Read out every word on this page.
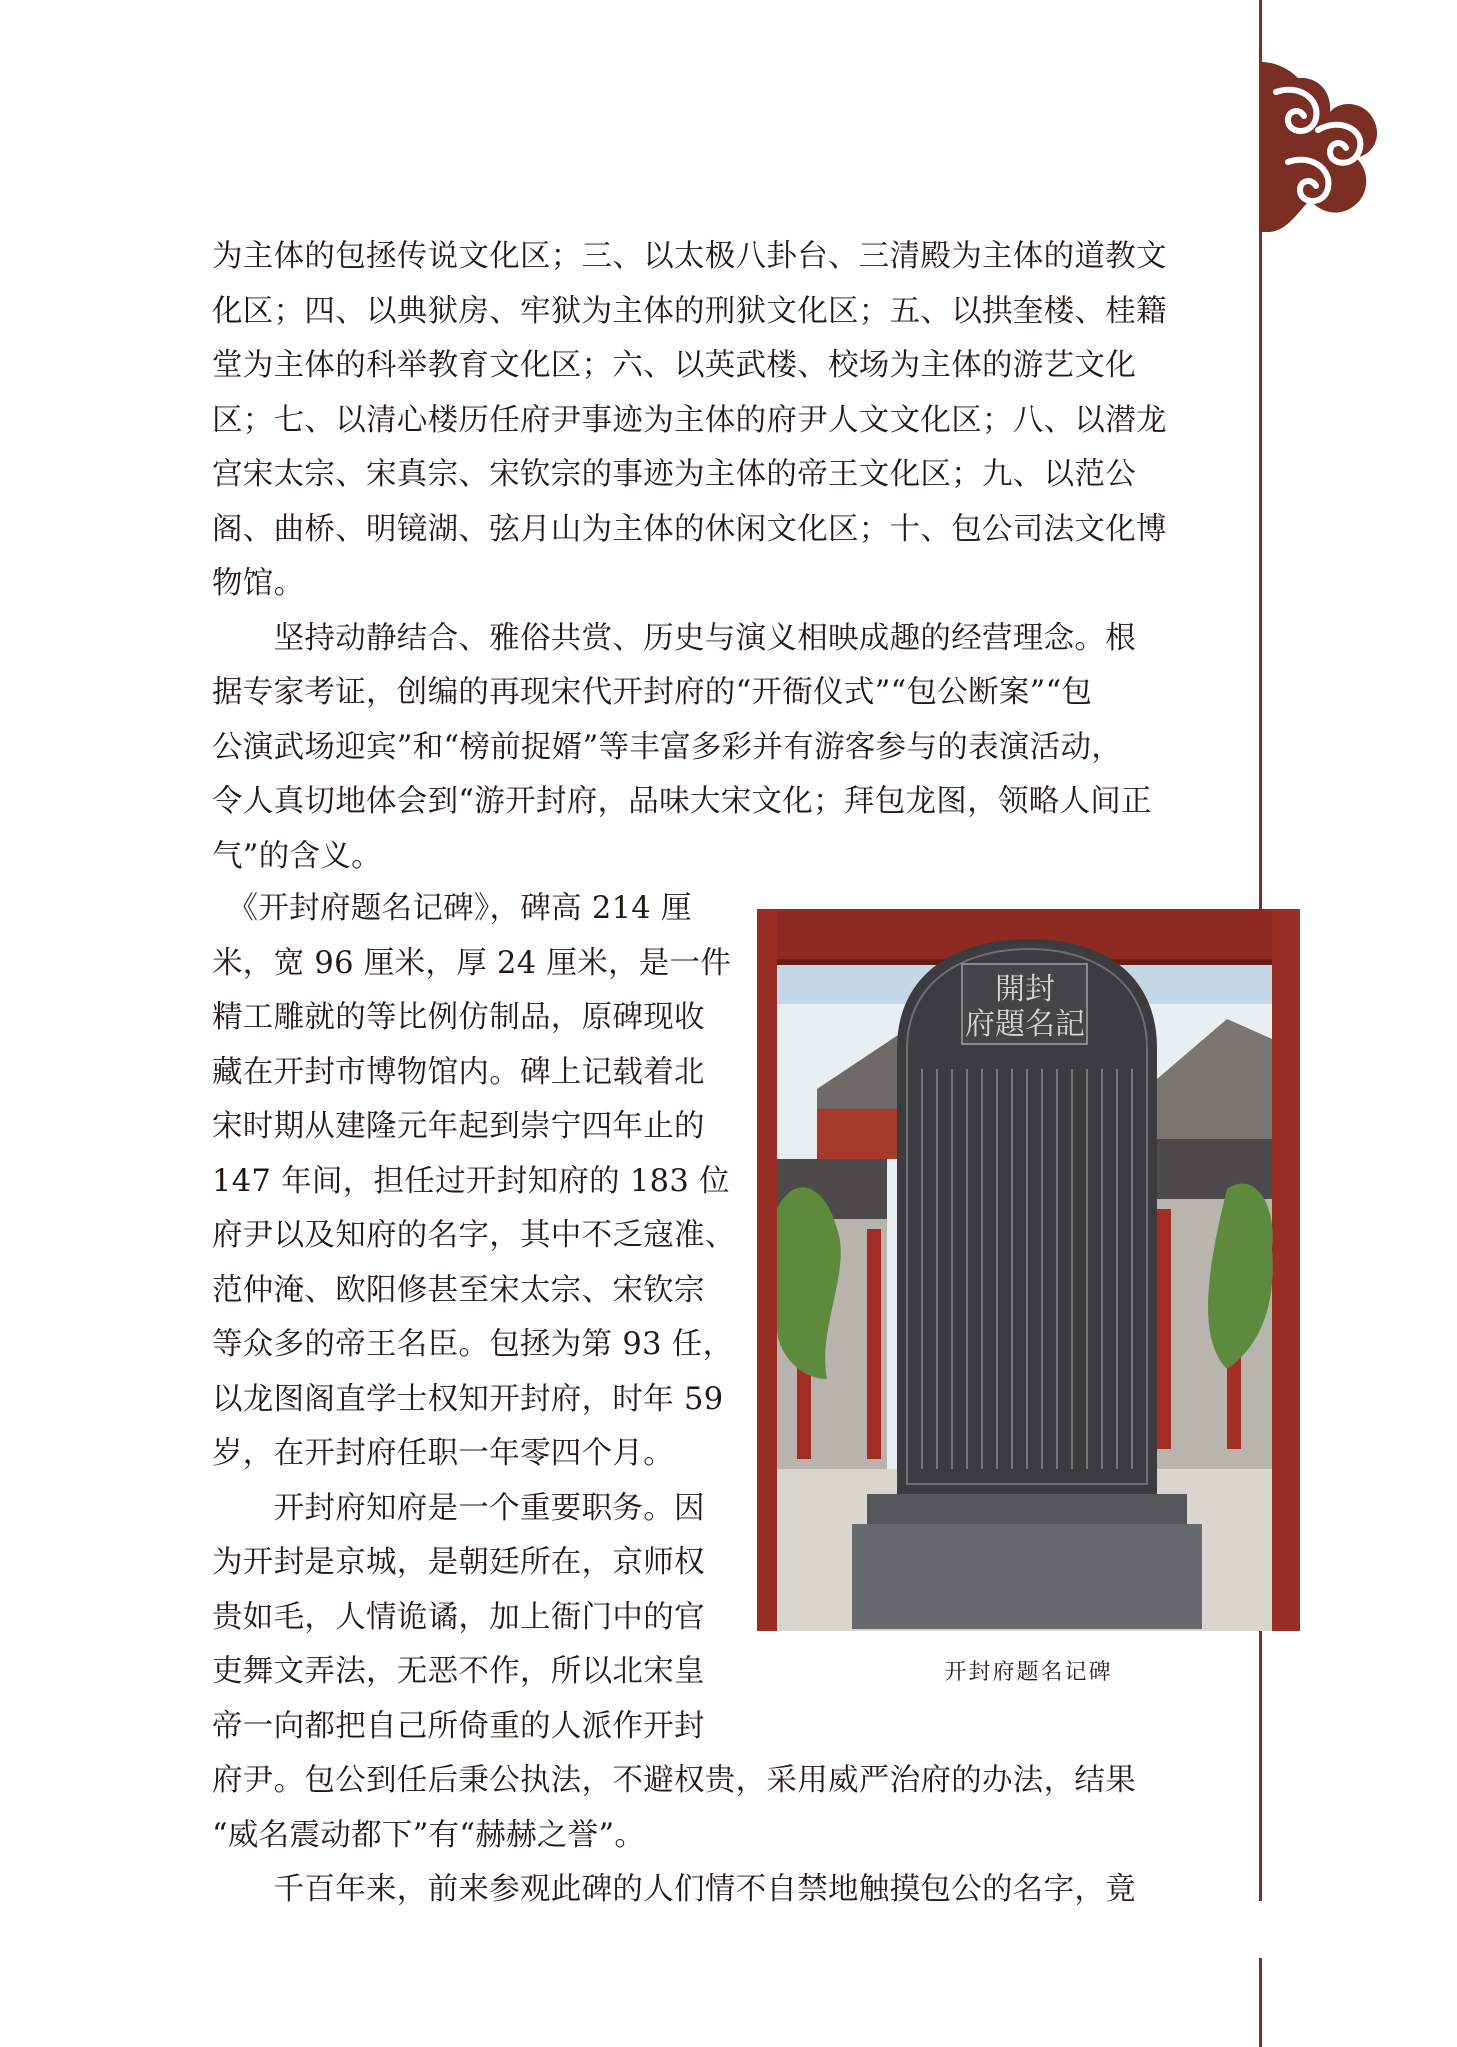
为主体的包拯传说文化区；三、以太极八卦台、三清殿为主体的道教文
化区；四、以典狱房、牢狱为主体的刑狱文化区；五、以拱奎楼、桂籍
堂为主体的科举教育文化区；六、以英武楼、校场为主体的游艺文化
区；七、以清心楼历任府尹事迹为主体的府尹人文文化区；八、以潜龙
宫宋太宗、宋真宗、宋钦宗的事迹为主体的帝王文化区；九、以范公
阁、曲桥、明镜湖、弦月山为主体的休闲文化区；十、包公司法文化博
物馆。
　　坚持动静结合、雅俗共赏、历史与演义相映成趣的经营理念。根
据专家考证，创编的再现宋代开封府的“开衙仪式”“包公断案”“包
公演武场迎宾”和“榜前捉婿”等丰富多彩并有游客参与的表演活动，
令人真切地体会到“游开封府，品味大宋文化；拜包龙图，领略人间正
气”的含义。
　《开封府题名记碑》，碑高 214 厘
米，宽 96 厘米，厚 24 厘米，是一件
精工雕就的等比例仿制品，原碑现收
藏在开封市博物馆内。碑上记载着北
宋时期从建隆元年起到崇宁四年止的
147 年间，担任过开封知府的 183 位
府尹以及知府的名字，其中不乏寇准、
范仲淹、欧阳修甚至宋太宗、宋钦宗
等众多的帝王名臣。包拯为第 93 任，
以龙图阁直学士权知开封府，时年 59
岁，在开封府任职一年零四个月。
　　开封府知府是一个重要职务。因
为开封是京城，是朝廷所在，京师权
贵如毛，人情诡谲，加上衙门中的官
吏舞文弄法，无恶不作，所以北宋皇
帝一向都把自己所倚重的人派作开封
府尹。包公到任后秉公执法，不避权贵，采用威严治府的办法，结果
“威名震动都下”有“赫赫之誉”。
　　千百年来，前来参观此碑的人们情不自禁地触摸包公的名字，竟
開封
府題名記
开封府题名记碑
